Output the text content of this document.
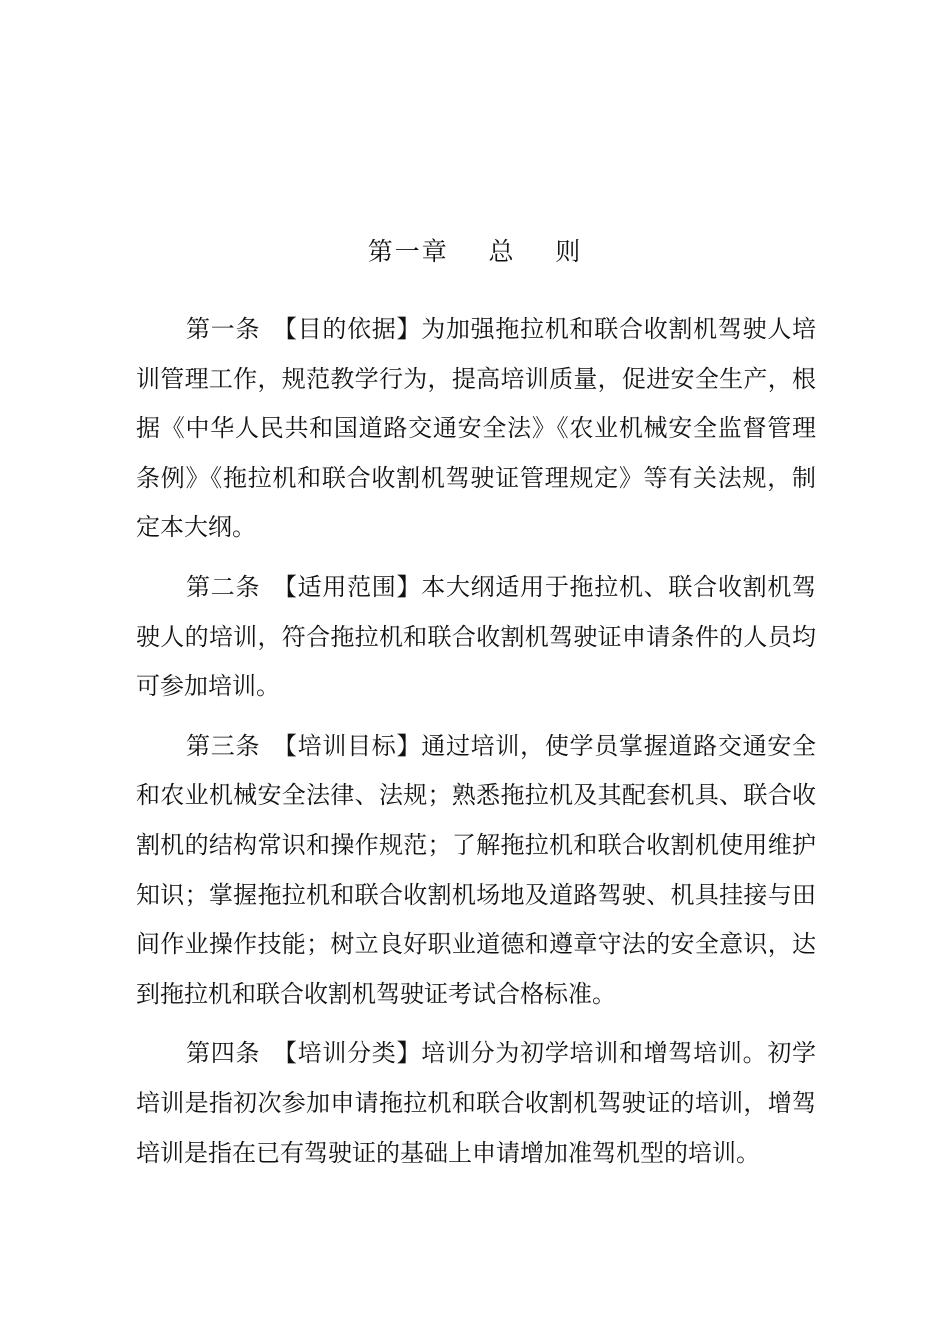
第一章    总    则

第一条　 【目的依据】为加强拖拉机和联合收割机驾驶人培训管理工作，规范教学行为，提高培训质量，促进安全生产，根据《中华人民共和国道路交通安全法》《农业机械安全监督管理条例》《拖拉机和联合收割机驾驶证管理规定》等有关法规，制定本大纲。

第二条　 【适用范围】本大纲适用于拖拉机、联合收割机驾驶人的培训，符合拖拉机和联合收割机驾驶证申请条件的人员均可参加培训。

第三条　 【培训目标】通过培训，使学员掌握道路交通安全和农业机械安全法律、法规；熟悉拖拉机及其配套机具、联合收割机的结构常识和操作规范；了解拖拉机和联合收割机使用维护知识；掌握拖拉机和联合收割机场地及道路驾驶、机具挂接与田间作业操作技能；树立良好职业道德和遵章守法的安全意识，达到拖拉机和联合收割机驾驶证考试合格标准。

第四条　 【培训分类】培训分为初学培训和增驾培训。初学培训是指初次参加申请拖拉机和联合收割机驾驶证的培训，增驾培训是指在已有驾驶证的基础上申请增加准驾机型的培训。
